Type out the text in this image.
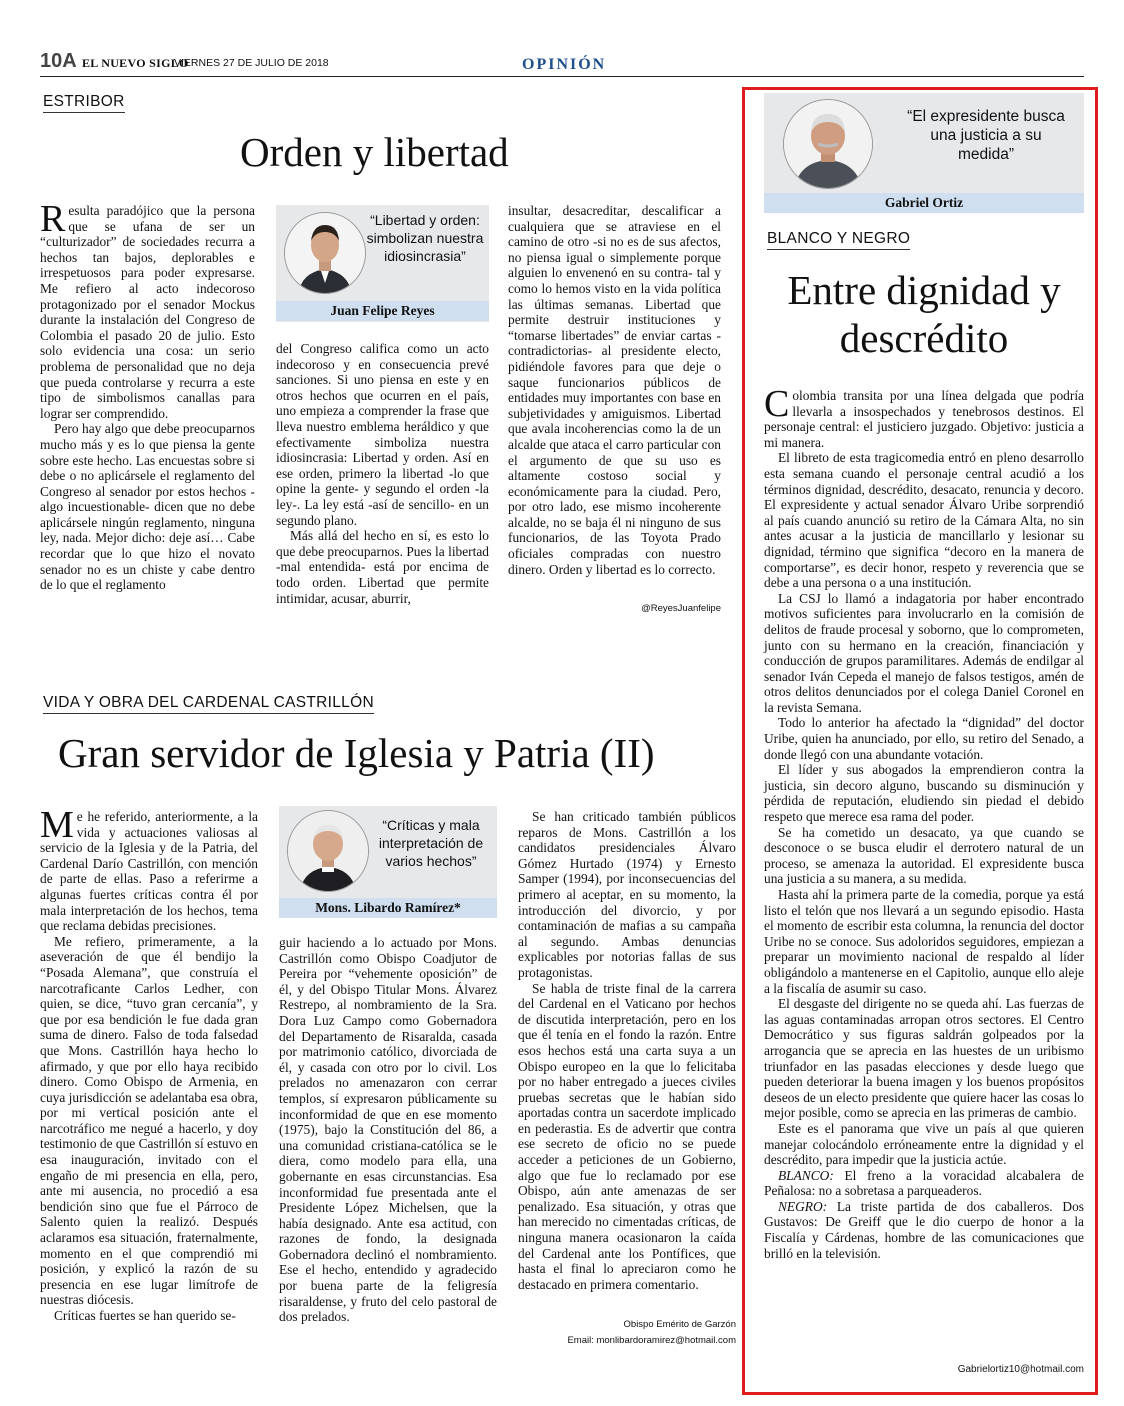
10A EL NUEVO SIGLO
VIERNES 27 DE JULIO DE 2018	OPINIÓN
ESTRIBOR
Orden y libertad

Resulta paradójico que la persona que se ufana de ser un “culturizador” de sociedades recurra a hechos tan bajos, deplorables e irrespetuosos para poder expresarse. Me refiero al acto indecoroso protagonizado por el senador Mockus durante la instalación del Congreso de Colombia el pasado 20 de julio. Esto solo evidencia una cosa: un serio problema de personalidad que no deja que pueda controlarse y recurra a este tipo de simbolismos canallas para lograr ser comprendido.

Pero hay algo que debe preocuparnos mucho más y es lo que piensa la gente sobre este hecho. Las encuestas sobre si debe o no aplicársele el reglamento del Congreso al senador por estos hechos -algo incuestionable- dicen que no debe aplicársele ningún reglamento, ninguna ley, nada. Mejor dicho: deje así… Cabe recordar que lo que hizo el novato senador no es un chiste y cabe dentro de lo que el reglamento

“Libertad y orden: simbolizan nuestra idiosincrasia”
Juan Felipe Reyes

del Congreso califica como un acto indecoroso y en consecuencia prevé sanciones. Si uno piensa en este y en otros hechos que ocurren en el país, uno empieza a comprender la frase que lleva nuestro emblema heráldico y que efectivamente simboliza nuestra idiosincrasia: Libertad y orden. Así en ese orden, primero la libertad -lo que opine la gente- y segundo el orden -la ley-. La ley está -así de sencillo- en un segundo plano.

Más allá del hecho en sí, es esto lo que debe preocuparnos. Pues la libertad -mal entendida- está por encima de todo orden. Libertad que permite intimidar, acusar, aburrir,

insultar, desacreditar, descalificar a cualquiera que se atraviese en el camino de otro -si no es de sus afectos, no piensa igual o simplemente porque alguien lo envenenó en su contra- tal y como lo hemos visto en la vida política las últimas semanas. Libertad que permite destruir instituciones y “tomarse libertades” de enviar cartas -contradictorias- al presidente electo, pidiéndole favores para que deje o saque funcionarios públicos de entidades muy importantes con base en subjetividades y amiguismos. Libertad que avala incoherencias como la de un alcalde que ataca el carro particular con el argumento de que su uso es altamente costoso social y económicamente para la ciudad. Pero, por otro lado, ese mismo incoherente alcalde, no se baja él ni ninguno de sus funcionarios, de las Toyota Prado oficiales compradas con nuestro dinero. Orden y libertad es lo correcto.

@ReyesJuanfelipe
VIDA Y OBRA DEL CARDENAL CASTRILLÓN
Gran servidor de Iglesia y Patria (II)

Me he referido, anteriormente, a la vida y actuaciones valiosas al servicio de la Iglesia y de la Patria, del Cardenal Darío Castrillón, con mención de parte de ellas. Paso a referirme a algunas fuertes críticas contra él por mala interpretación de los hechos, tema que reclama debidas precisiones.

Me refiero, primeramente, a la aseveración de que él bendijo la “Posada Alemana”, que construía el narcotraficante Carlos Ledher, con quien, se dice, “tuvo gran cercanía”, y que por esa bendición le fue dada gran suma de dinero. Falso de toda falsedad que Mons. Castrillón haya hecho lo afirmado, y que por ello haya recibido dinero. Como Obispo de Armenia, en cuya jurisdicción se adelantaba esa obra, por mi vertical posición ante el narcotráfico me negué a hacerlo, y doy testimonio de que Castrillón sí estuvo en esa inauguración, invitado con el engaño de mi presencia en ella, pero, ante mi ausencia, no procedió a esa bendición sino que fue el Párroco de Salento quien la realizó. Después aclaramos esa situación, fraternalmente, momento en el que comprendió mi posición, y explicó la razón de su presencia en ese lugar limítrofe de nuestras diócesis.

Críticas fuertes se han querido se-

“Críticas y mala interpretación de varios hechos”
Mons. Libardo Ramírez*

guir haciendo a lo actuado por Mons. Castrillón como Obispo Coadjutor de Pereira por “vehemente oposición” de él, y del Obispo Titular Mons. Álvarez Restrepo, al nombramiento de la Sra. Dora Luz Campo como Gobernadora del Departamento de Risaralda, casada por matrimonio católico, divorciada de él, y casada con otro por lo civil. Los prelados no amenazaron con cerrar templos, sí expresaron públicamente su inconformidad de que en ese momento (1975), bajo la Constitución del 86, a una comunidad cristiana-católica se le diera, como modelo para ella, una gobernante en esas circunstancias. Esa inconformidad fue presentada ante el Presidente López Michelsen, que la había designado. Ante esa actitud, con razones de fondo, la designada Gobernadora declinó el nombramiento. Ese el hecho, entendido y agradecido por buena parte de la feligresía risaraldense, y fruto del celo pastoral de dos prelados.

Se han criticado también públicos reparos de Mons. Castrillón a los candidatos presidenciales Álvaro Gómez Hurtado (1974) y Ernesto Samper (1994), por inconsecuencias del primero al aceptar, en su momento, la introducción del divorcio, y por contaminación de mafias a su campaña al segundo. Ambas denuncias explicables por notorias fallas de sus protagonistas.

Se habla de triste final de la carrera del Cardenal en el Vaticano por hechos de discutida interpretación, pero en los que él tenía en el fondo la razón. Entre esos hechos está una carta suya a un Obispo europeo en la que lo felicitaba por no haber entregado a jueces civiles pruebas secretas que le habían sido aportadas contra un sacerdote implicado en pederastia. Es de advertir que contra ese secreto de oficio no se puede acceder a peticiones de un Gobierno, algo que fue lo reclamado por ese Obispo, aún ante amenazas de ser penalizado. Esa situación, y otras que han merecido no cimentadas críticas, de ninguna manera ocasionaron la caída del Cardenal ante los Pontífices, que hasta el final lo apreciaron como he destacado en primera comentario.

Obispo Emérito de Garzón
Email: monlibardoramirez@hotmail.com
“El expresidente busca una justicia a su medida”
Gabriel Ortiz
BLANCO Y NEGRO
Entre dignidad y
descrédito

Colombia transita por una línea delgada que podría llevarla a insospechados y tenebrosos destinos. El personaje central: el justiciero juzgado. Objetivo: justicia a mi manera.

El libreto de esta tragicomedia entró en pleno desarrollo esta semana cuando el personaje central acudió a los términos dignidad, descrédito, desacato, renuncia y decoro. El expresidente y actual senador Álvaro Uribe sorprendió al país cuando anunció su retiro de la Cámara Alta, no sin antes acusar a la justicia de mancillarlo y lesionar su dignidad, término que significa “decoro en la manera de comportarse”, es decir honor, respeto y reverencia que se debe a una persona o a una institución.

La CSJ lo llamó a indagatoria por haber encontrado motivos suficientes para involucrarlo en la comisión de delitos de fraude procesal y soborno, que lo comprometen, junto con su hermano en la creación, financiación y conducción de grupos paramilitares. Además de endilgar al senador Iván Cepeda el manejo de falsos testigos, amén de otros delitos denunciados por el colega Daniel Coronel en la revista Semana.

Todo lo anterior ha afectado la “dignidad” del doctor Uribe, quien ha anunciado, por ello, su retiro del Senado, a donde llegó con una abundante votación.

El líder y sus abogados la emprendieron contra la justicia, sin decoro alguno, buscando su disminución y pérdida de reputación, eludiendo sin piedad el debido respeto que merece esa rama del poder.

Se ha cometido un desacato, ya que cuando se desconoce o se busca eludir el derrotero natural de un proceso, se amenaza la autoridad. El expresidente busca una justicia a su manera, a su medida.

Hasta ahí la primera parte de la comedia, porque ya está listo el telón que nos llevará a un segundo episodio. Hasta el momento de escribir esta columna, la renuncia del doctor Uribe no se conoce. Sus adoloridos seguidores, empiezan a preparar un movimiento nacional de respaldo al líder obligándolo a mantenerse en el Capitolio, aunque ello aleje a la fiscalía de asumir su caso.

El desgaste del dirigente no se queda ahí. Las fuerzas de las aguas contaminadas arropan otros sectores. El Centro Democrático y sus figuras saldrán golpeados por la arrogancia que se aprecia en las huestes de un uribismo triunfador en las pasadas elecciones y desde luego que pueden deteriorar la buena imagen y los buenos propósitos deseos de un electo presidente que quiere hacer las cosas lo mejor posible, como se aprecia en las primeras de cambio.

Este es el panorama que vive un país al que quieren manejar colocándolo erróneamente entre la dignidad y el descrédito, para impedir que la justicia actúe.

BLANCO: El freno a la voracidad alcabalera de Peñalosa: no a sobretasa a parqueaderos.

NEGRO: La triste partida de dos caballeros. Dos Gustavos: De Greiff que le dio cuerpo de honor a la Fiscalía y Cárdenas, hombre de las comunicaciones que brilló en la televisión.

Gabrielortiz10@hotmail.com
